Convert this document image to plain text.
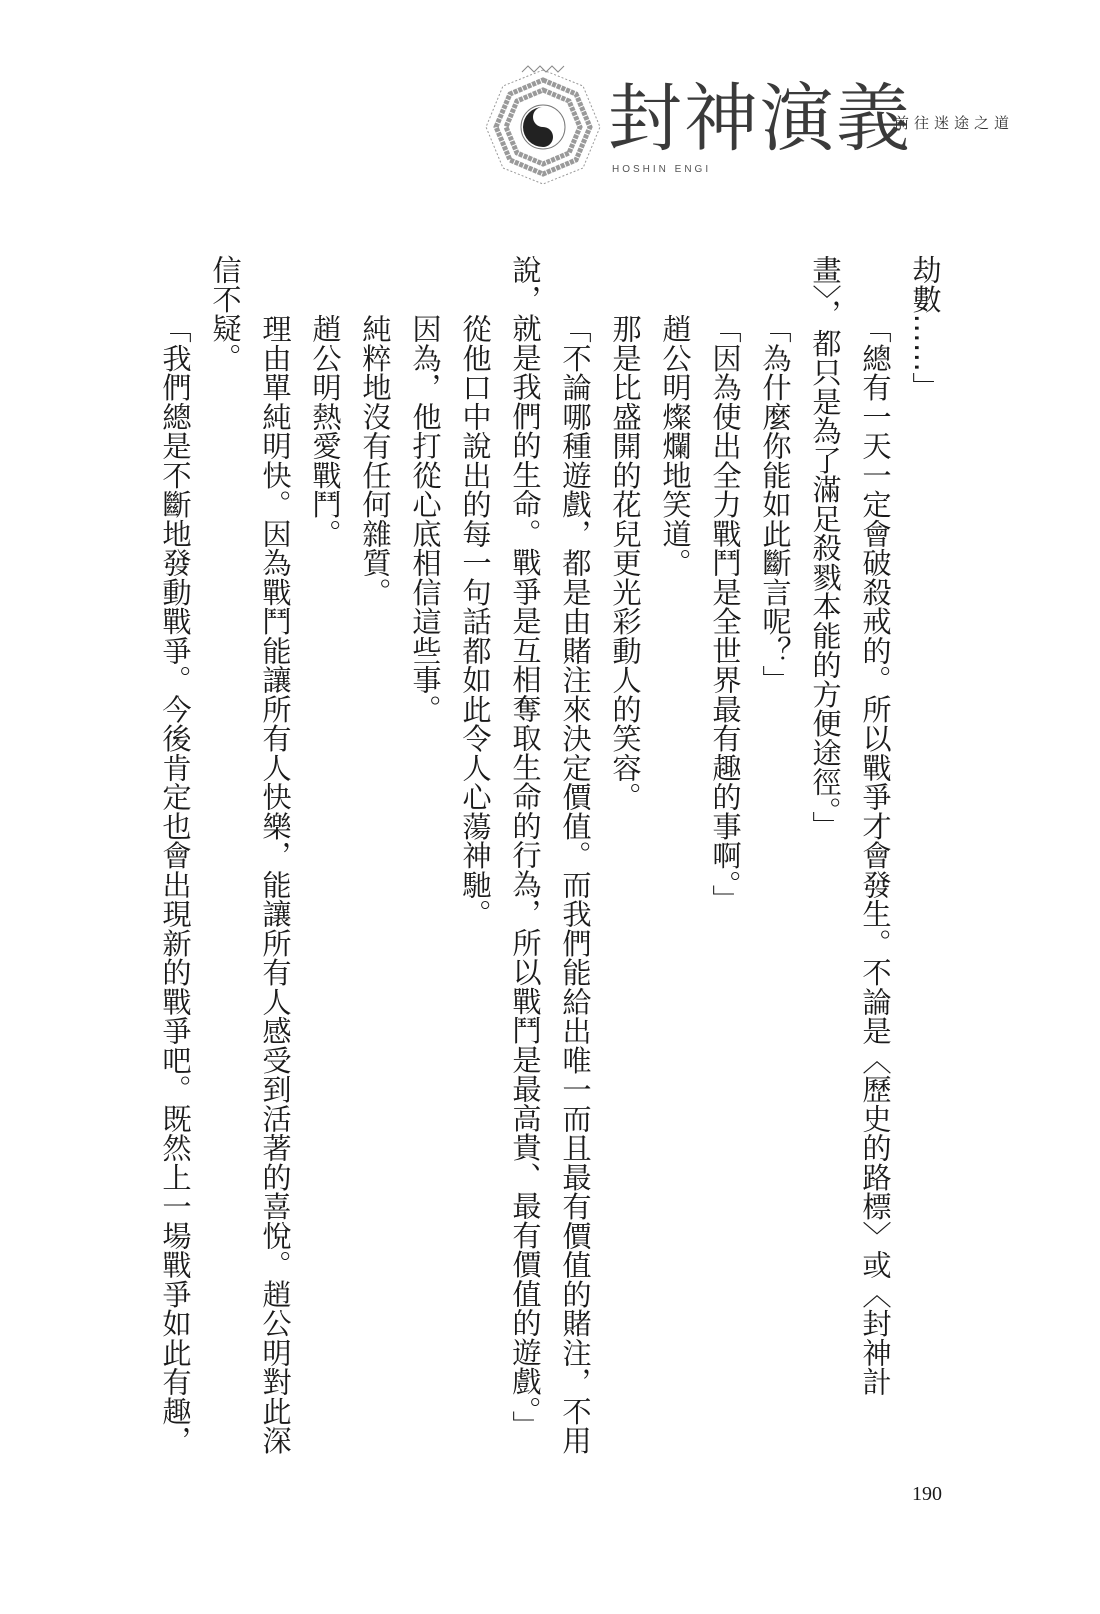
封神演義
HOSHIN ENGI
前往迷途之道
劫數……」
「總有一天一定會破殺戒的。所以戰爭才會發生。不論是〈歷史的路標〉或〈封神計
畫〉，都只是為了滿足殺戮本能的方便途徑。」
「為什麼你能如此斷言呢？」
「因為使出全力戰鬥是全世界最有趣的事啊。」
趙公明燦爛地笑道。
那是比盛開的花兒更光彩動人的笑容。
「不論哪種遊戲，都是由賭注來決定價值。而我們能給出唯一而且最有價值的賭注，不用
說，就是我們的生命。戰爭是互相奪取生命的行為，所以戰鬥是最高貴、最有價值的遊戲。」
從他口中說出的每一句話都如此令人心蕩神馳。
因為，他打從心底相信這些事。
純粹地沒有任何雜質。
趙公明熱愛戰鬥。
理由單純明快。因為戰鬥能讓所有人快樂，能讓所有人感受到活著的喜悅。趙公明對此深
信不疑。
「我們總是不斷地發動戰爭。今後肯定也會出現新的戰爭吧。既然上一場戰爭如此有趣，
190
